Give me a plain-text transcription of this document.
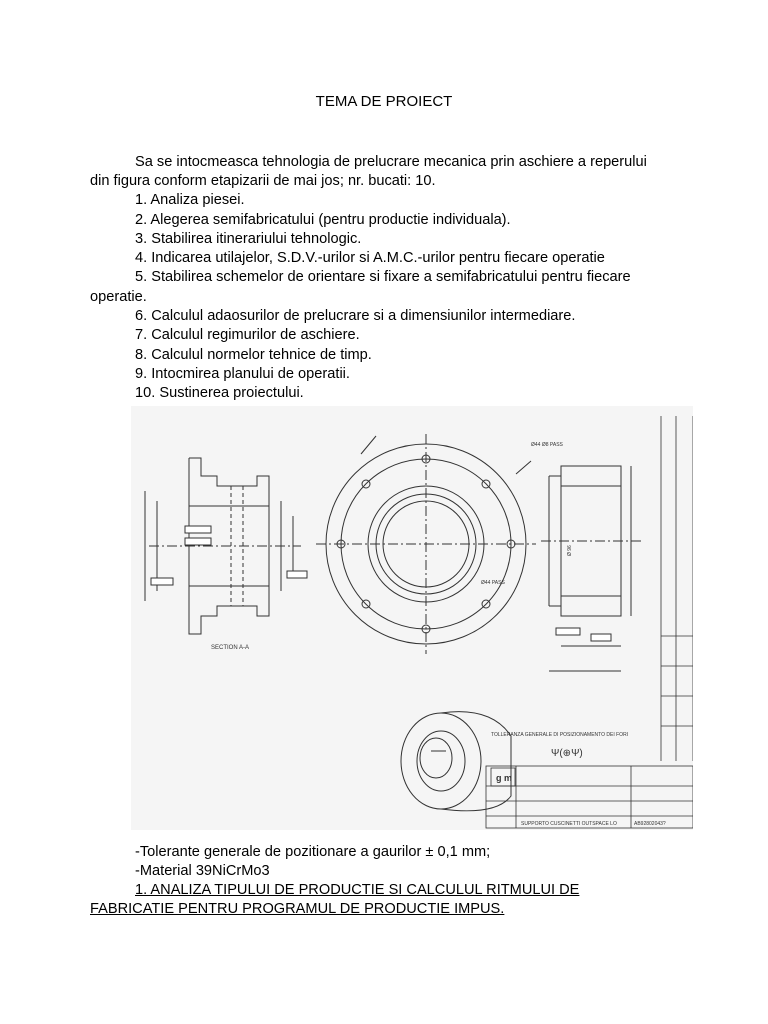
TEMA DE PROIECT
Sa se intocmeasca tehnologia de prelucrare mecanica prin aschiere a reperului
din figura conform etapizarii de mai jos; nr. bucati: 10.
1. Analiza piesei.
2. Alegerea semifabricatului (pentru productie individuala).
3. Stabilirea itinerariului tehnologic.
4. Indicarea utilajelor, S.D.V.-urilor si A.M.C.-urilor pentru fiecare operatie
5. Stabilirea schemelor de orientare si fixare a semifabricatului pentru fiecare
operatie.
6. Calculul adaosurilor de prelucrare si a dimensiunilor intermediare.
7. Calculul regimurilor de aschiere.
8. Calculul normelor tehnice de timp.
9. Intocmirea planului de operatii.
10. Sustinerea proiectului.
SECTION A-A
Ø44 Ø8 PASS
Ø44 PASS
Ø 96
TOLLERANZA GENERALE DI POSIZIONAMENTO DEI FORI
Ψ(⊕Ψ)
g m
SUPPORTO CUSCINETTI OUTSPACE LO	AB92802043?
-Tolerante generale de pozitionare a gaurilor ± 0,1 mm;
-Material 39NiCrMo3
1. ANALIZA TIPULUI DE PRODUCTIE SI CALCULUL RITMULUI DE
FABRICATIE PENTRU PROGRAMUL DE PRODUCTIE IMPUS.
